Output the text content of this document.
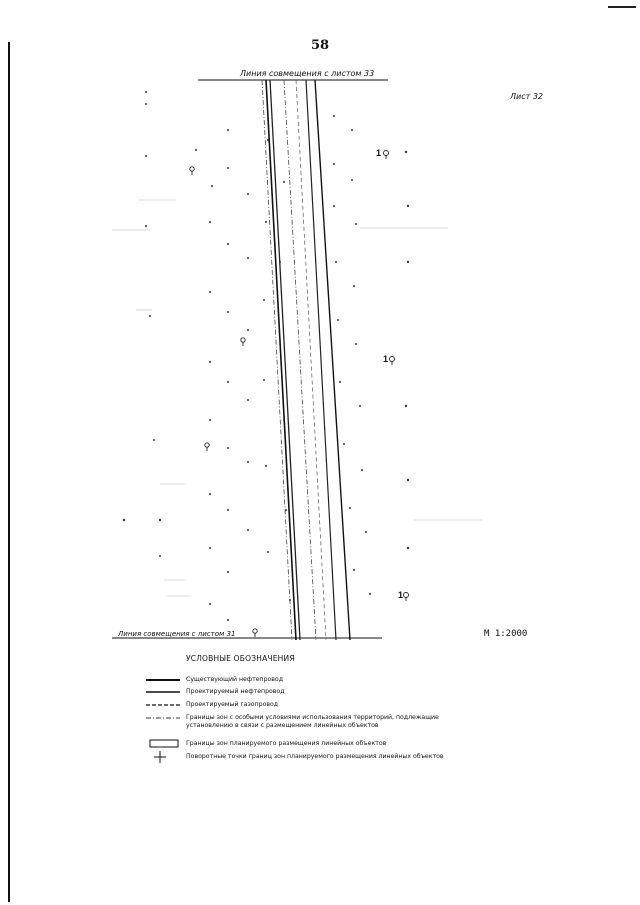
58
1
1
1
Линия совмещения с листом 33
Лист 32
Линия совмещения с листом 31	М 1:2000
УСЛОВНЫЕ ОБОЗНАЧЕНИЯ
Существующий нефтепровод
Проектируемый нефтепровод
Проектируемый газопровод
Границы зон с особыми условиями использования территорий, подлежащие установлению в связи с размещением линейных объектов
Границы зон планируемого размещения линейных объектов
Поворотные точки границ зон планируемого размещения линейных объектов
